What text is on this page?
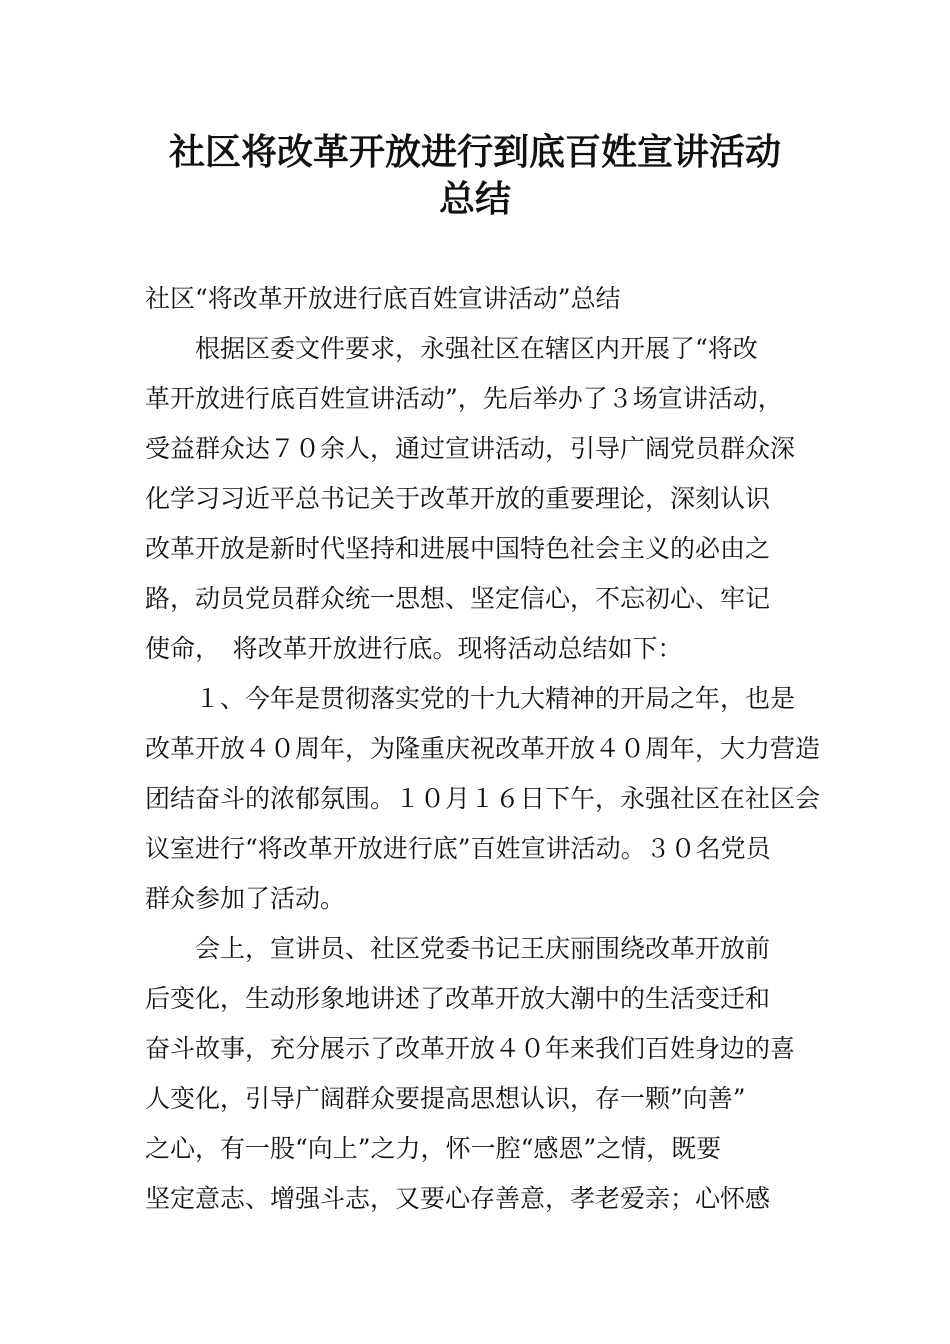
社区将改革开放进行到底百姓宣讲活动
总结
社区“将改革开放进行底百姓宣讲活动”总结
　　根据区委文件要求，永强社区在辖区内开展了“将改
革开放进行底百姓宣讲活动”，先后举办了３场宣讲活动，
受益群众达７０余人，通过宣讲活动，引导广阔党员群众深
化学习习近平总书记关于改革开放的重要理论，深刻认识
改革开放是新时代坚持和进展中国特色社会主义的必由之
路，动员党员群众统一思想、坚定信心，不忘初心、牢记
使命，　将改革开放进行底。现将活动总结如下：
　　１、今年是贯彻落实党的十九大精神的开局之年，也是
改革开放４０周年，为隆重庆祝改革开放４０周年，大力营造
团结奋斗的浓郁氛围。１０月１６日下午，永强社区在社区会
议室进行“将改革开放进行底”百姓宣讲活动。３０名党员
群众参加了活动。
　　会上，宣讲员、社区党委书记王庆丽围绕改革开放前
后变化，生动形象地讲述了改革开放大潮中的生活变迁和
奋斗故事，充分展示了改革开放４０年来我们百姓身边的喜
人变化，引导广阔群众要提高思想认识，存一颗”向善”
之心，有一股“向上”之力，怀一腔“感恩”之情，既要
坚定意志、增强斗志，又要心存善意，孝老爱亲；心怀感
